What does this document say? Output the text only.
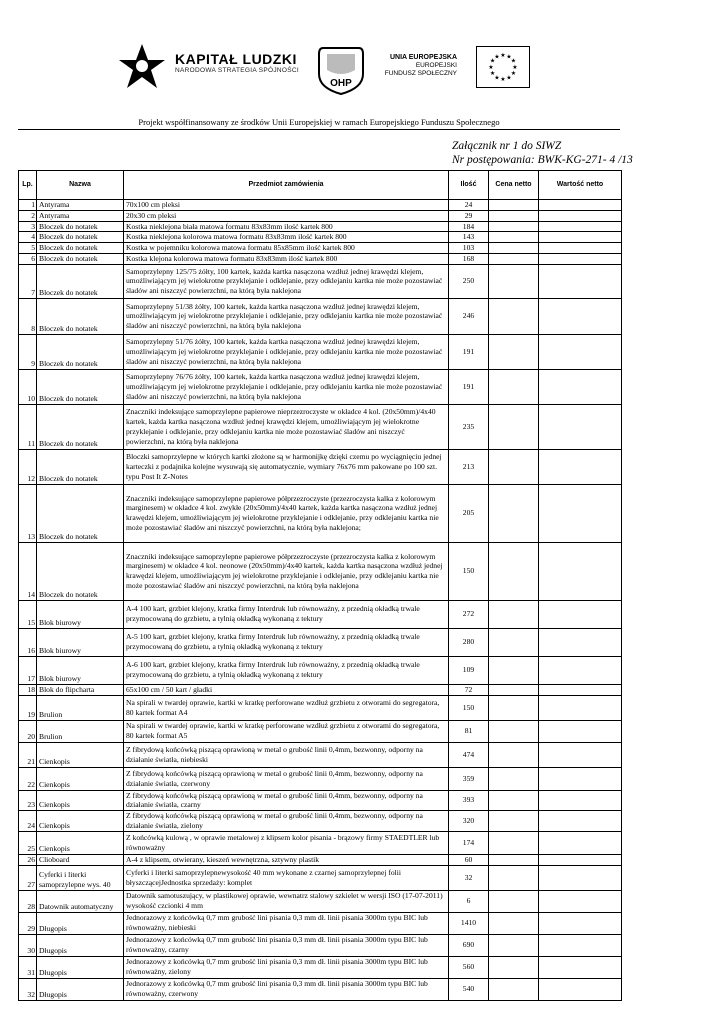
KAPITAŁ LUDZKI
NARODOWA STRATEGIA SPÓJNOŚCI
OHP
UNIA EUROPEJSKA
EUROPEJSKI
FUNDUSZ SPOŁECZNY
★ ★
★
★
★
★
★
★
★
★
★
★
Projekt współfinansowany ze środków Unii Europejskiej w ramach Europejskiego Funduszu Społecznego
Załącznik nr 1 do SIWZ
Nr postępowania: BWK-KG-271- 4 /13
Lp.	Nazwa	Przedmiot zamówienia	Ilość	Cena netto	Wartość netto
1	Antyrama	70x100 cm pleksi	24		
2	Antyrama	20x30 cm pleksi	29		
3	Bloczek do notatek	Kostka nieklejona biała matowa formatu 83x83mm ilość kartek 800	184		
4	Bloczek do notatek	Kostka nieklejona kolorowa matowa formatu 83x83mm ilość kartek 800	143		
5	Bloczek do notatek	Kostka w pojemniku kolorowa matowa formatu 85x85mm ilość kartek 800	103		
6	Bloczek do notatek	Kostka klejona kolorowa matowa formatu 83x83mm ilość kartek 800	168		
7	Bloczek do notatek	Samoprzylepny 125/75 żółty, 100 kartek, każda kartka nasączona wzdłuż jednej krawędzi klejem, umożliwiającym jej wielokrotne przyklejanie i odklejanie, przy odklejaniu kartka nie może pozostawiać śladów ani niszczyć powierzchni, na którą była naklejona	250		
8	Bloczek do notatek	Samoprzylepny 51/38 żółty, 100 kartek, każda kartka nasączona wzdłuż jednej krawędzi klejem, umożliwiającym jej wielokrotne przyklejanie i odklejanie, przy odklejaniu kartka nie może pozostawiać śladów ani niszczyć powierzchni, na którą była naklejona	246		
9	Bloczek do notatek	Samoprzylepny 51/76 żółty, 100 kartek, każda kartka nasączona wzdłuż jednej krawędzi klejem, umożliwiającym jej wielokrotne przyklejanie i odklejanie, przy odklejaniu kartka nie może pozostawiać śladów ani niszczyć powierzchni, na którą była naklejona	191		
10	Bloczek do notatek	Samoprzylepny 76/76 żółty, 100 kartek, każda kartka nasączona wzdłuż jednej krawędzi klejem, umożliwiającym jej wielokrotne przyklejanie i odklejanie, przy odklejaniu kartka nie może pozostawiać śladów ani niszczyć powierzchni, na którą była naklejona	191		
11	Bloczek do notatek	Znaczniki indeksujące samoprzylepne papierowe nieprzezroczyste w okładce 4 kol. (20x50mm)/4x40 kartek, każda kartka nasączona wzdłuż jednej krawędzi klejem, umożliwiającym jej wielokrotne przyklejanie i odklejanie, przy odklejaniu kartka nie może pozostawiać śladów ani niszczyć powierzchni, na którą była naklejona	235		
12	Bloczek do notatek	Bloczki samoprzylepne w których kartki złożone są w harmonijkę dzięki czemu po wyciągnięciu jednej karteczki z podajnika kolejne wysuwają się automatycznie, wymiary 76x76 mm pakowane po 100 szt. typu Post It Z-Notes	213		
13	Bloczek do notatek	Znaczniki indeksujące samoprzylepne papierowe półprzezroczyste (przezroczysta kalka z kolorowym marginesem) w okładce 4 kol. zwykłe (20x50mm)/4x40 kartek, każda kartka nasączona wzdłuż jednej krawędzi klejem, umożliwiającym jej wielokrotne przyklejanie i odklejanie, przy odklejaniu kartka nie może pozostawiać śladów ani niszczyć powierzchni, na którą była naklejona;	205		
14	Bloczek do notatek	Znaczniki indeksujące samoprzylepne papierowe półprzezroczyste (przezroczysta kalka z kolorowym marginesem) w okładce 4 kol. neonowe (20x50mm)/4x40 kartek, każda kartka nasączona wzdłuż jednej krawędzi klejem, umożliwiającym jej wielokrotne przyklejanie i odklejanie, przy odklejaniu kartka nie może pozostawiać śladów ani niszczyć powierzchni, na którą była naklejona	150		
15	Blok biurowy	A-4 100 kart, grzbiet klejony, kratka firmy Interdruk lub równoważny, z przednią okładką trwale przymocowaną do grzbietu, a tylnią okładką wykonaną z tektury	272		
16	Blok biurowy	A-5 100 kart, grzbiet klejony, kratka firmy Interdruk lub równoważny, z przednią okładką trwale przymocowaną do grzbietu, a tylnią okładką wykonaną z tektury	280		
17	Blok biurowy	A-6 100 kart, grzbiet klejony, kratka firmy Interdruk lub równoważny, z przednią okładką trwale przymocowaną do grzbietu, a tylnią okładką wykonaną z tektury	109		
18	Blok do flipcharta	65x100 cm / 50 kart / gładki	72		
19	Brulion	Na spirali w twardej oprawie, kartki w kratkę perforowane wzdłuż grzbietu z otworami do segregatora, 80 kartek format A4	150		
20	Brulion	Na spirali w twardej oprawie, kartki w kratkę perforowane wzdłuż grzbietu z otworami do segregatora, 80 kartek format A5	81		
21	Cienkopis	Z fibrydową końcówką piszącą oprawioną w metal o grubość linii 0,4mm, bezwonny, odporny na działanie światła, niebieski	474		
22	Cienkopis	Z fibrydową końcówką piszącą oprawioną w metal o grubość linii 0,4mm, bezwonny, odporny na działanie światła, czerwony	359		
23	Cienkopis	Z fibrydową końcówką piszącą oprawioną w metal o grubość linii 0,4mm, bezwonny, odporny na działanie światła, czarny	393		
24	Cienkopis	Z fibrydową końcówką piszącą oprawioną w metal o grubość linii 0,4mm, bezwonny, odporny na działanie światła, zielony	320		
25	Cienkopis	Z końcówką kulową , w oprawie metalowej z klipsem kolor pisania - brązowy firmy STAEDTLER lub równoważny	174		
26	Clioboard	A-4 z klipsem, otwierany, kieszeń wewnętrzna, sztywny plastik	60		
27	Cyferki i literki samoprzylepne wys. 40	Cyferki i literki samoprzylepnewysokość 40 mm wykonane z czarnej samoprzylepnej folii błyszczącejJednostka sprzedaży: komplet	32		
28	Datownik automatyczny	Datownik samotuszujący, w plastikowej oprawie, wewnatrz stalowy szkielet w wersji ISO (17-07-2011) wysokość czcionki 4 mm	6		
29	Długopis	Jednorazowy z końcówką 0,7 mm grubość lini pisania 0,3 mm dł. linii pisania 3000m typu BIC lub równoważny, niebieski	1410		
30	Długopis	Jednorazowy z końcówką 0,7 mm grubość lini pisania 0,3 mm dł. linii pisania 3000m typu BIC lub równoważny, czarny	690		
31	Długopis	Jednorazowy z końcówką 0,7 mm grubość lini pisania 0,3 mm dł. linii pisania 3000m typu BIC lub równoważny, zielony	560		
32	Długopis	Jednorazowy z końcówką 0,7 mm grubość lini pisania 0,3 mm dł. linii pisania 3000m typu BIC lub równoważny, czerwony	540		
